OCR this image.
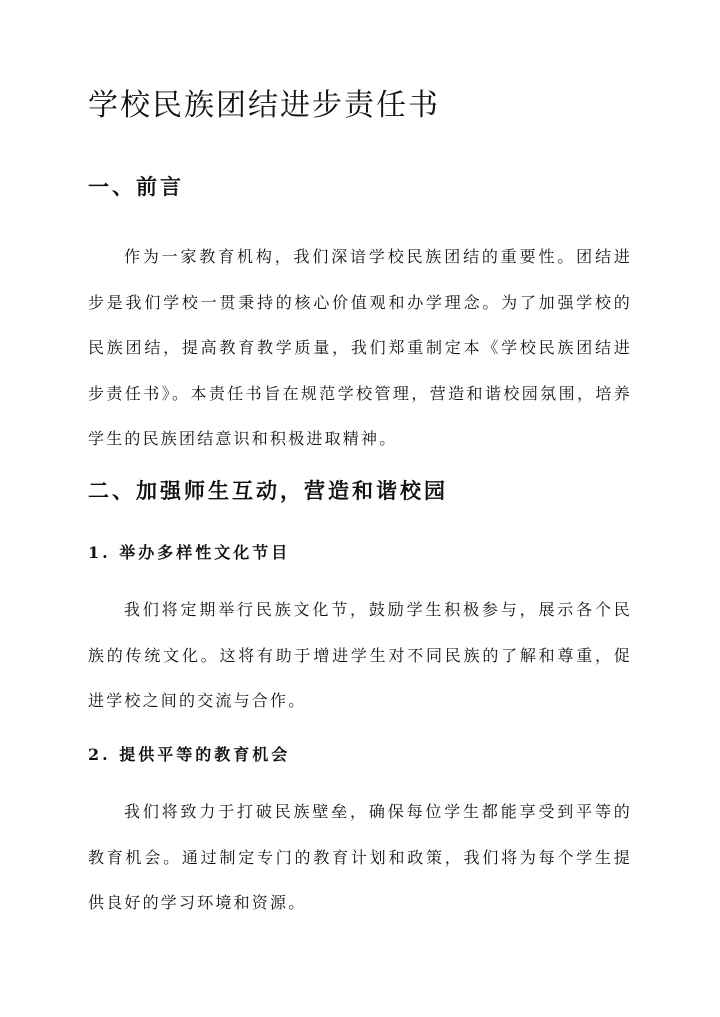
学校民族团结进步责任书
一、前言

作为一家教育机构，我们深谙学校民族团结的重要性。团结进步是我们学校一贯秉持的核心价值观和办学理念。为了加强学校的民族团结，提高教育教学质量，我们郑重制定本《学校民族团结进步责任书》。本责任书旨在规范学校管理，营造和谐校园氛围，培养学生的民族团结意识和积极进取精神。

二、加强师生互动，营造和谐校园
1. 举办多样性文化节目

我们将定期举行民族文化节，鼓励学生积极参与，展示各个民族的传统文化。这将有助于增进学生对不同民族的了解和尊重，促进学校之间的交流与合作。

2. 提供平等的教育机会

我们将致力于打破民族壁垒，确保每位学生都能享受到平等的教育机会。通过制定专门的教育计划和政策，我们将为每个学生提供良好的学习环境和资源。
